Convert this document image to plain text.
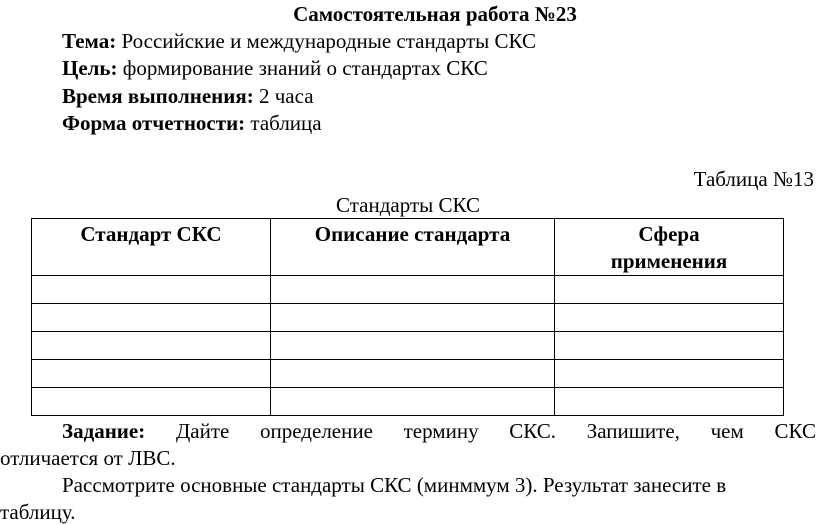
Самостоятельная работа №23
Тема: Российские и международные стандарты СКС
Цель: формирование знаний о стандартах СКС
Время выполнения: 2 часа
Форма отчетности: таблица
Таблица №13
Стандарты СКС
Стандарт СКС	Описание стандарта	Сфера применения

Задание: Дайте определение термину СКС. Запишите, чем СКС
отличается от ЛВС.
Рассмотрите основные стандарты СКС (минммум 3). Результат занесите в
таблицу.
